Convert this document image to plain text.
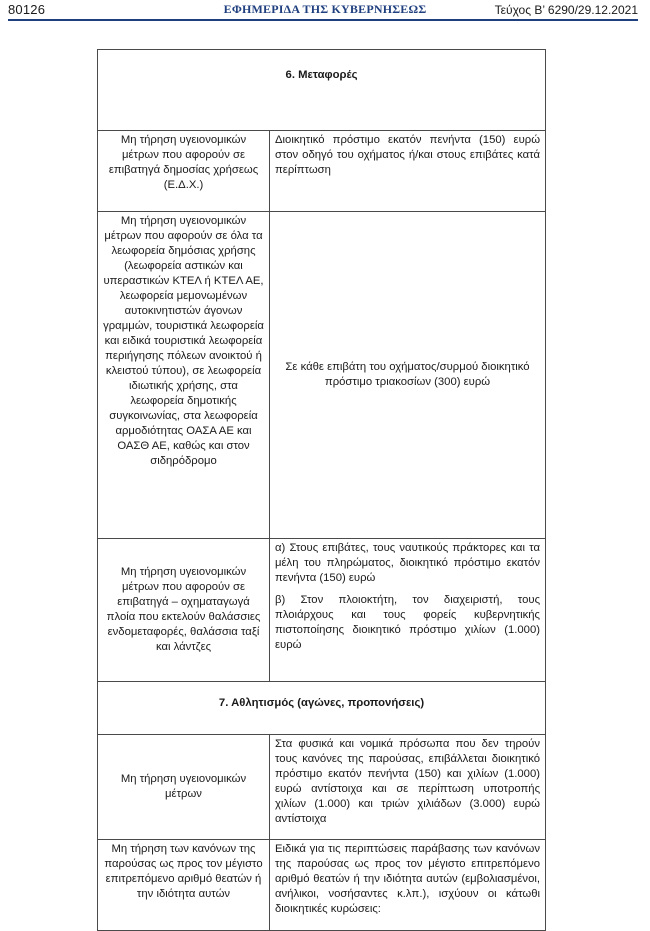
80126	ΕΦΗΜΕΡΙΔΑ ΤΗΣ ΚΥΒΕΡΝΗΣΕΩΣ	Τεύχος Β’ 6290/29.12.2021
6. Μεταφορές	
Μη τήρηση υγειονομικών μέτρων που αφορούν σε επιβατηγά δημοσίας χρήσεως (Ε.Δ.Χ.)	Διοικητικό πρόστιμο εκατόν πενήντα (150) ευρώ στον οδηγό του οχήματος ή/και στους επιβάτες κατά περίπτωση
Μη τήρηση υγειονομικών μέτρων που αφορούν σε όλα τα λεωφορεία δημόσιας χρήσης (λεωφορεία αστικών και υπεραστικών ΚΤΕΛ ή ΚΤΕΛ ΑΕ, λεωφορεία μεμονωμένων αυτοκινητιστών άγονων γραμμών, τουριστικά λεωφορεία και ειδικά τουριστικά λεωφορεία περιήγησης πόλεων ανοικτού ή κλειστού τύπου), σε λεωφορεία ιδιωτικής χρήσης, στα λεωφορεία δημοτικής συγκοινωνίας, στα λεωφορεία αρμοδιότητας ΟΑΣΑ ΑΕ και ΟΑΣΘ ΑΕ, καθώς και στον σιδηρόδρομο	Σε κάθε επιβάτη του οχήματος/συρμού διοικητικό πρόστιμο τριακοσίων (300) ευρώ
Μη τήρηση υγειονομικών μέτρων που αφορούν σε επιβατηγά – οχηματαγωγά πλοία που εκτελούν θαλάσσιες ενδομεταφορές, θαλάσσια ταξί και λάντζες	α) Στους επιβάτες, τους ναυτικούς πράκτορες και τα μέλη του πληρώματος, διοικητικό πρόστιμο εκατόν πενήντα (150) ευρώ
β) Στον πλοιοκτήτη, τον διαχειριστή, τους πλοιάρχους και τους φορείς κυβερνητικής πιστοποίησης διοικητικό πρόστιμο χιλίων (1.000) ευρώ

7. Αθλητισμός (αγώνες, προπονήσεις)	
Μη τήρηση υγειονομικών μέτρων	Στα φυσικά και νομικά πρόσωπα που δεν τηρούν τους κανόνες της παρούσας, επιβάλλεται διοικητικό πρόστιμο εκατόν πενήντα (150) και χιλίων (1.000) ευρώ αντίστοιχα και σε περίπτωση υποτροπής χιλίων (1.000) και τριών χιλιάδων (3.000) ευρώ αντίστοιχα
Μη τήρηση των κανόνων της παρούσας ως προς τον μέγιστο επιτρεπόμενο αριθμό θεατών ή την ιδιότητα αυτών	Ειδικά για τις περιπτώσεις παράβασης των κανόνων της παρούσας ως προς τον μέγιστο επιτρεπόμενο αριθμό θεατών ή την ιδιότητα αυτών (εμβολιασμένοι, ανήλικοι, νοσήσαντες κ.λπ.), ισχύουν οι κάτωθι διοικητικές κυρώσεις:
